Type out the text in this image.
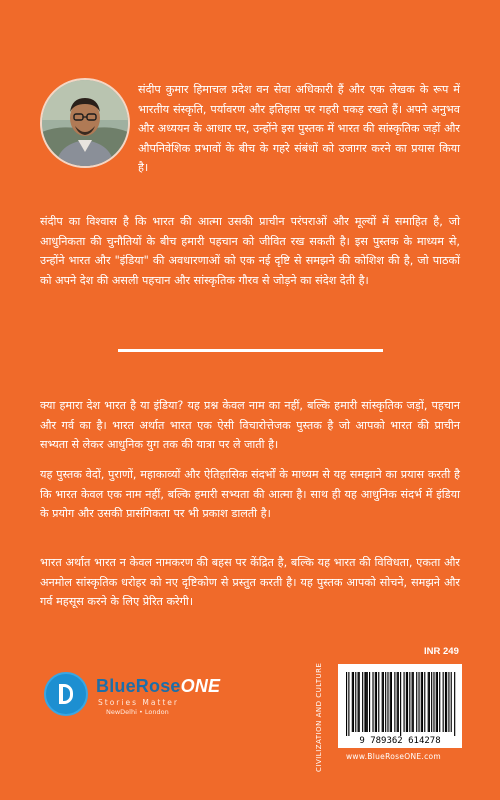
संदीप कुमार हिमाचल प्रदेश वन सेवा अधिकारी हैं और एक लेखक के रूप में भारतीय संस्कृति, पर्यावरण और इतिहास पर गहरी पकड़ रखते हैं। अपने अनुभव और अध्ययन के आधार पर, उन्होंने इस पुस्तक में भारत की सांस्कृतिक जड़ों और औपनिवेशिक प्रभावों के बीच के गहरे संबंधों को उजागर करने का प्रयास किया है।

संदीप का विश्वास है कि भारत की आत्मा उसकी प्राचीन परंपराओं और मूल्यों में समाहित है, जो आधुनिकता की चुनौतियों के बीच हमारी पहचान को जीवित रख सकती है। इस पुस्तक के माध्यम से, उन्होंने भारत और "इंडिया" की अवधारणाओं को एक नई दृष्टि से समझने की कोशिश की है, जो पाठकों को अपने देश की असली पहचान और सांस्कृतिक गौरव से जोड़ने का संदेश देती है।

क्या हमारा देश भारत है या इंडिया? यह प्रश्न केवल नाम का नहीं, बल्कि हमारी सांस्कृतिक जड़ों, पहचान और गर्व का है। भारत अर्थात भारत एक ऐसी विचारोत्तेजक पुस्तक है जो आपको भारत की प्राचीन सभ्यता से लेकर आधुनिक युग तक की यात्रा पर ले जाती है।

यह पुस्तक वेदों, पुराणों, महाकाव्यों और ऐतिहासिक संदर्भों के माध्यम से यह समझाने का प्रयास करती है कि भारत केवल एक नाम नहीं, बल्कि हमारी सभ्यता की आत्मा है। साथ ही यह आधुनिक संदर्भ में इंडिया के प्रयोग और उसकी प्रासंगिकता पर भी प्रकाश डालती है।

भारत अर्थात भारत न केवल नामकरण की बहस पर केंद्रित है, बल्कि यह भारत की विविधता, एकता और अनमोल सांस्कृतिक धरोहर को नए दृष्टिकोण से प्रस्तुत करती है। यह पुस्तक आपको सोचने, समझने और गर्व महसूस करने के लिए प्रेरित करेगी।

BlueRoseONE
Stories Matter
NewDelhi • London	CIVILIZATION AND CULTURE
INR 249
9 789362 614278
www.BlueRoseONE.com
